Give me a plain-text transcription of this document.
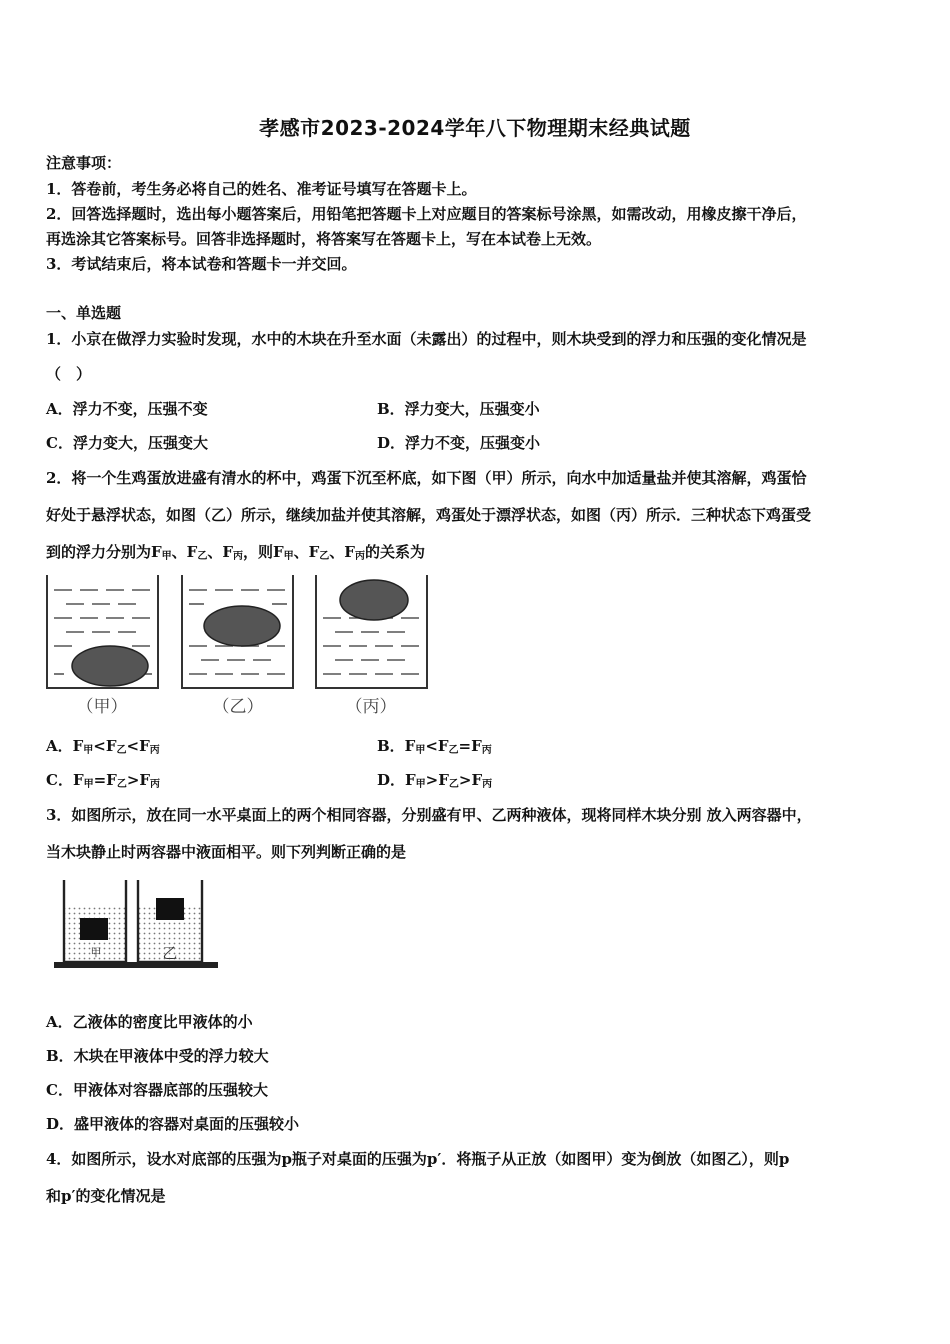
孝感市2023-2024学年八下物理期末经典试题
注意事项：
1．答卷前，考生务必将自己的姓名、准考证号填写在答题卡上。
2．回答选择题时，选出每小题答案后，用铅笔把答题卡上对应题目的答案标号涂黑，如需改动，用橡皮擦干净后，
再选涂其它答案标号。回答非选择题时，将答案写在答题卡上，写在本试卷上无效。
3．考试结束后，将本试卷和答题卡一并交回。
一、单选题
1．小京在做浮力实验时发现，水中的木块在升至水面（未露出）的过程中，则木块受到的浮力和压强的变化情况是
（　）
A．浮力不变，压强不变	B．浮力变大，压强变小
C．浮力变大，压强变大	D．浮力不变，压强变小
2．将一个生鸡蛋放进盛有清水的杯中，鸡蛋下沉至杯底，如下图（甲）所示，向水中加适量盐并使其溶解，鸡蛋恰
好处于悬浮状态，如图（乙）所示，继续加盐并使其溶解，鸡蛋处于漂浮状态，如图（丙）所示．三种状态下鸡蛋受
到的浮力分别为$F_甲$、$F_乙$、$F_丙$，则$F_甲$、$F_乙$、$F_丙$的关系为
（甲）	（乙）	（丙）
A．$F_甲<F_乙<F_丙$	B．$F_甲<F_乙=F_丙$
C．$F_甲=F_乙>F_丙$	D．$F_甲>F_乙>F_丙$
3．如图所示，放在同一水平桌面上的两个相同容器，分别盛有甲、乙两种液体，现将同样木块分别 放入两容器中，
当木块静止时两容器中液面相平。则下列判断正确的是
甲	乙
A．乙液体的密度比甲液体的小
B．木块在甲液体中受的浮力较大
C．甲液体对容器底部的压强较大
D．盛甲液体的容器对桌面的压强较小
4．如图所示，设水对底部的压强为p瓶子对桌面的压强为p′．将瓶子从正放（如图甲）变为倒放（如图乙），则p
和p′的变化情况是
